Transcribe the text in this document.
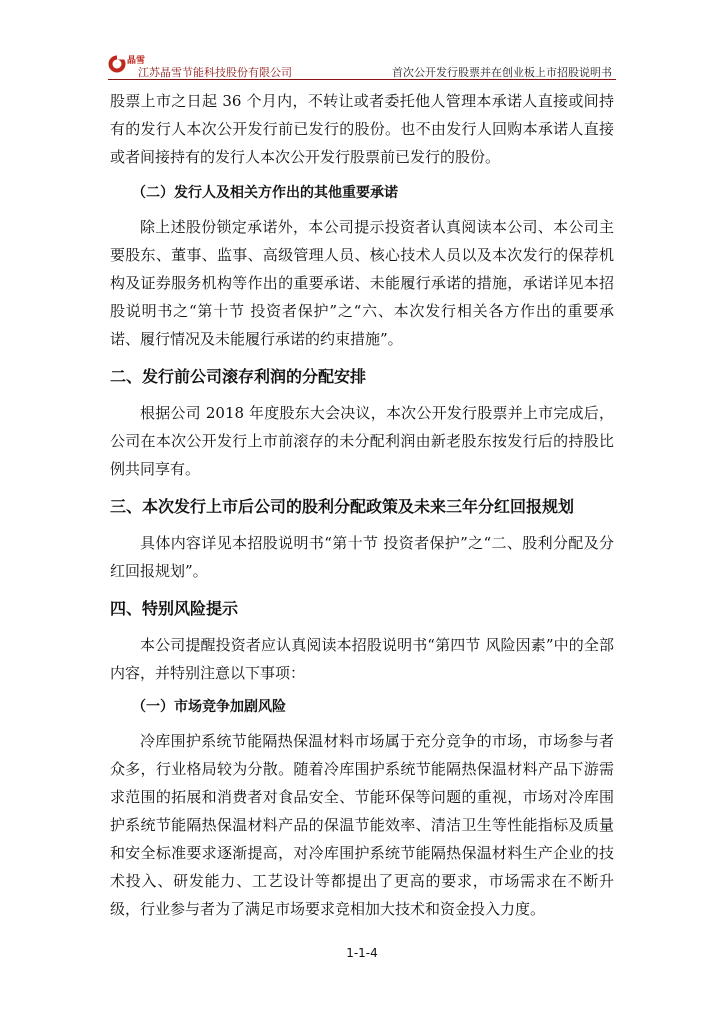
晶雪
江苏晶雪节能科技股份有限公司	首次公开发行股票并在创业板上市招股说明书

股票上市之日起 36 个月内，不转让或者委托他人管理本承诺人直接或间持有的发行人本次公开发行前已发行的股份。也不由发行人回购本承诺人直接或者间接持有的发行人本次公开发行股票前已发行的股份。

（二）发行人及相关方作出的其他重要承诺

除上述股份锁定承诺外，本公司提示投资者认真阅读本公司、本公司主要股东、董事、监事、高级管理人员、核心技术人员以及本次发行的保荐机构及证券服务机构等作出的重要承诺、未能履行承诺的措施，承诺详见本招股说明书之“第十节 投资者保护”之“六、本次发行相关各方作出的重要承诺、履行情况及未能履行承诺的约束措施”。

二、发行前公司滚存利润的分配安排

根据公司 2018 年度股东大会决议，本次公开发行股票并上市完成后，公司在本次公开发行上市前滚存的未分配利润由新老股东按发行后的持股比例共同享有。

三、本次发行上市后公司的股利分配政策及未来三年分红回报规划

具体内容详见本招股说明书“第十节 投资者保护”之“二、股利分配及分红回报规划”。

四、特别风险提示

本公司提醒投资者应认真阅读本招股说明书“第四节 风险因素”中的全部内容，并特别注意以下事项：

（一）市场竞争加剧风险

冷库围护系统节能隔热保温材料市场属于充分竞争的市场，市场参与者众多，行业格局较为分散。随着冷库围护系统节能隔热保温材料产品下游需求范围的拓展和消费者对食品安全、节能环保等问题的重视，市场对冷库围护系统节能隔热保温材料产品的保温节能效率、清洁卫生等性能指标及质量和安全标准要求逐渐提高，对冷库围护系统节能隔热保温材料生产企业的技术投入、研发能力、工艺设计等都提出了更高的要求，市场需求在不断升级，行业参与者为了满足市场要求竞相加大技术和资金投入力度。

1-1-4
